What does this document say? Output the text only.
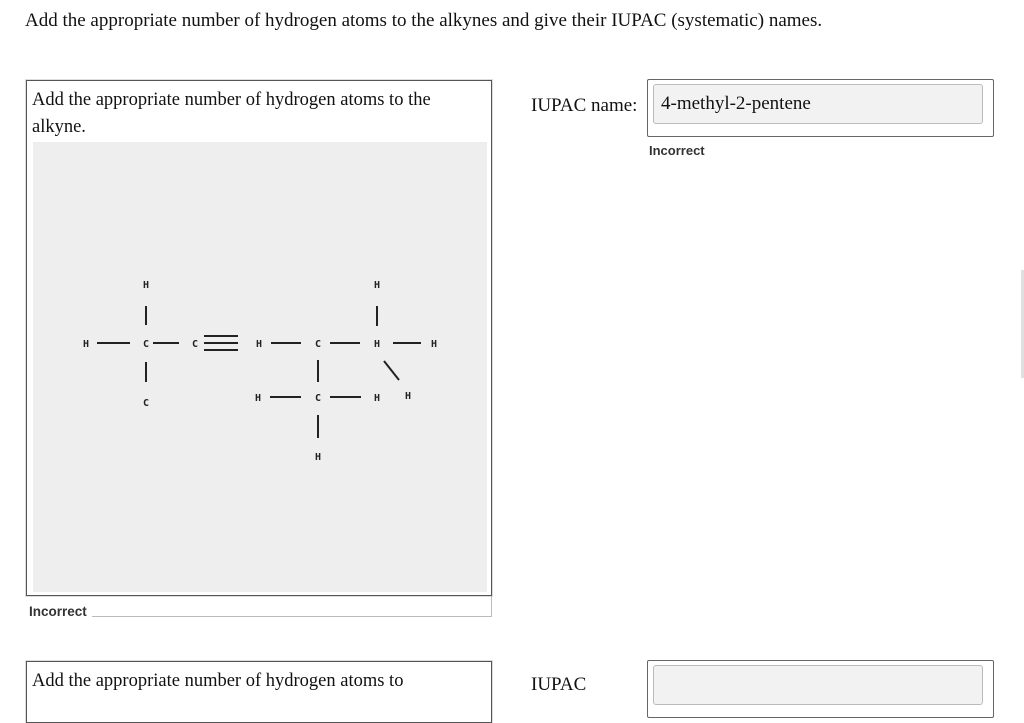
Add the appropriate number of hydrogen atoms to the alkynes and give their IUPAC (systematic) names.
Add the appropriate number of hydrogen atoms to the alkyne.
H
H
C
C
C	H	C
H
H	H
H	C	H H
H
Incorrect
IUPAC name:
4-methyl-2-pentene
Incorrect
Add the appropriate number of hydrogen atoms to	IUPAC
